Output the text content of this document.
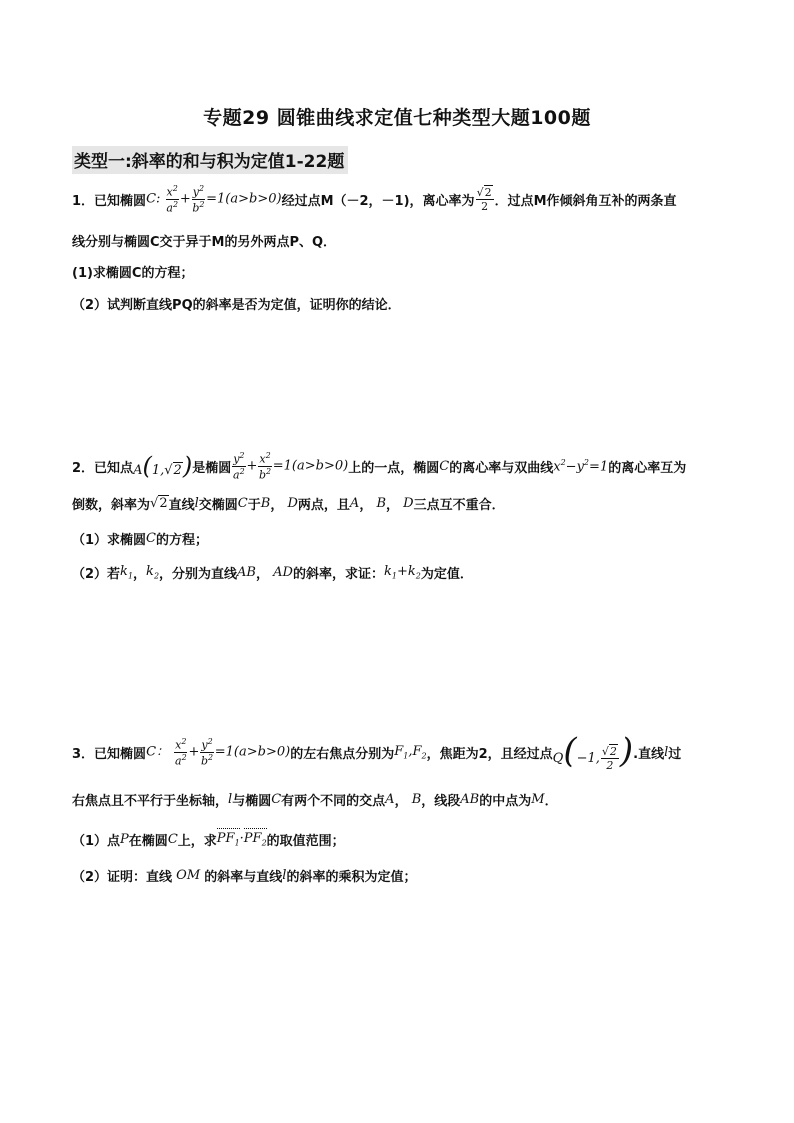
专题29 圆锥曲线求定值七种类型大题100题
类型一:斜率的和与积为定值1-22题
1． 已知椭圆 C: $\frac{x^2}{a^2} + \frac{y^2}{b^2} =1(a>b>0)$ 经过点M（－2，－1)，离心率为 $\frac{√2}{2}$ ．过点M作倾斜角互补的两条直
线分别与椭圆C交于异于M的另外两点P、Q．
(1)求椭圆C的方程；
（2）试判断直线PQ的斜率是否为定值，证明你的结论．
2． 已知点 A(1,√2) 是椭圆 $\frac{y^2}{a^2} + \frac{x^2}{b^2} =1(a>b>0)$ 上的一点，椭圆 C 的离心率与双曲线 $x^2-y^2=1$ 的离心率互为
倒数，斜率为 √2 直线 l 交椭圆 C 于 B ， D 两点，且 A ， B ， D 三点互不重合．
（1）求椭圆 C 的方程；
（2）若 $k_1$ ， $k_2$ ，分别为直线 AB ， AD 的斜率，求证： $k_1+k_2$ 为定值．
3． 已知椭圆 C： $\frac{x^2}{a^2} + \frac{y^2}{b^2} =1(a>b>0)$ 的左右焦点分别为 $F_1,F_2$ ，焦距为2，且经过点 Q(−1, $\frac{√2}{2}$ ) .直线 l 过
右焦点且不平行于坐标轴， l 与椭圆 C 有两个不同的交点 A ， B ，线段 AB 的中点为 M ．
（1）点 P 在椭圆 C 上，求 $PF_1\cdot PF_2$ 的取值范围；
（2）证明：直线 OM 的斜率与直线 l 的斜率的乘积为定值；
